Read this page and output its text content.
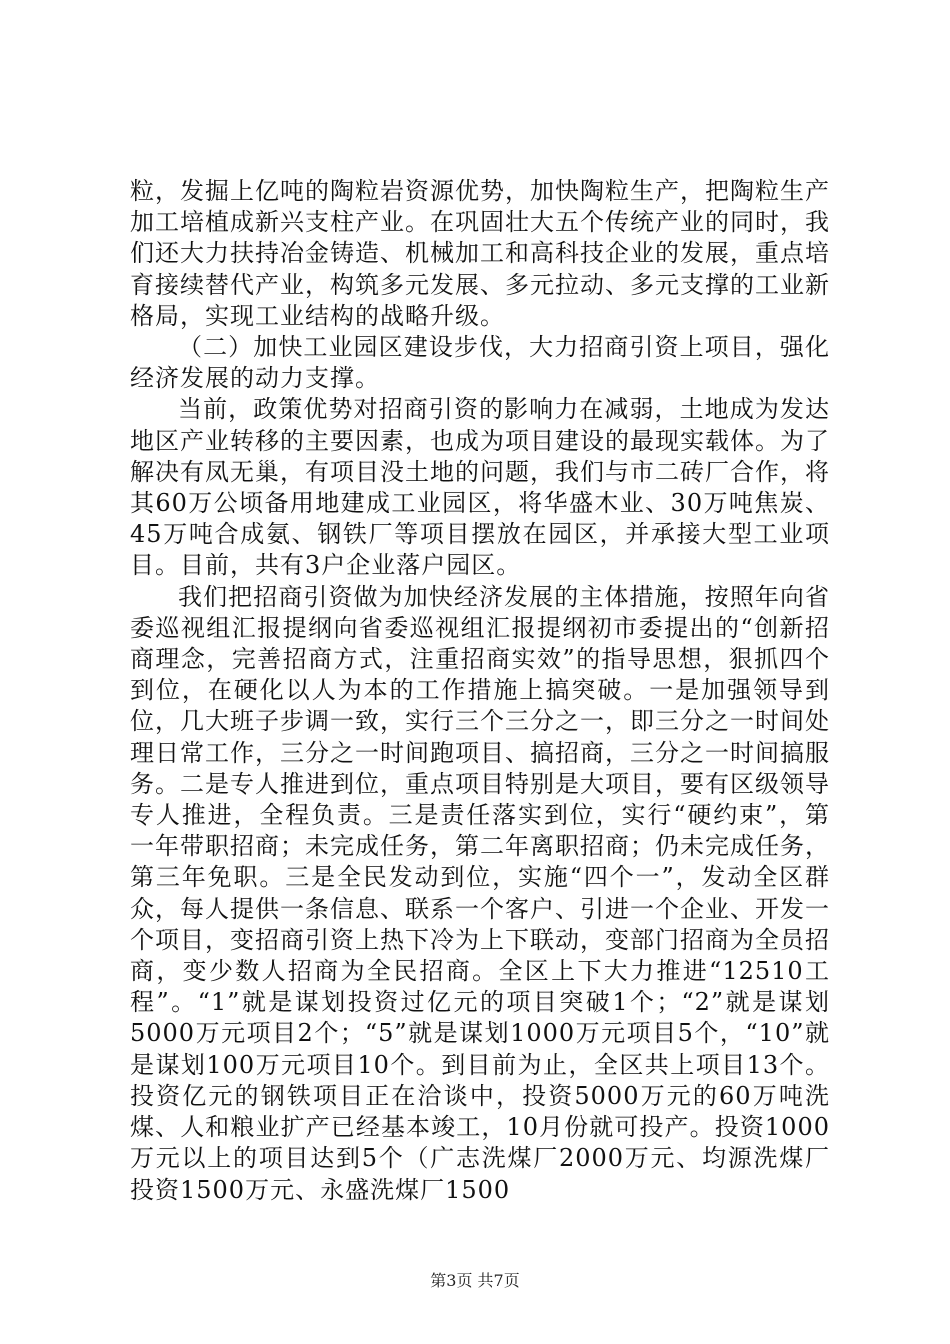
粒，发掘上亿吨的陶粒岩资源优势，加快陶粒生产，把陶粒生产加工培植成新兴支柱产业。在巩固壮大五个传统产业的同时，我们还大力扶持冶金铸造、机械加工和高科技企业的发展，重点培育接续替代产业，构筑多元发展、多元拉动、多元支撑的工业新格局，实现工业结构的战略升级。

（二）加快工业园区建设步伐，大力招商引资上项目，强化经济发展的动力支撑。

当前，政策优势对招商引资的影响力在减弱，土地成为发达地区产业转移的主要因素，也成为项目建设的最现实载体。为了解决有凤无巢，有项目没土地的问题，我们与市二砖厂合作，将其60万公顷备用地建成工业园区，将华盛木业、30万吨焦炭、45万吨合成氨、钢铁厂等项目摆放在园区，并承接大型工业项目。目前，共有3户企业落户园区。

我们把招商引资做为加快经济发展的主体措施，按照年向省委巡视组汇报提纲向省委巡视组汇报提纲初市委提出的“创新招商理念，完善招商方式，注重招商实效”的指导思想，狠抓四个到位，在硬化以人为本的工作措施上搞突破。一是加强领导到位，几大班子步调一致，实行三个三分之一，即三分之一时间处理日常工作，三分之一时间跑项目、搞招商，三分之一时间搞服务。二是专人推进到位，重点项目特别是大项目，要有区级领导专人推进，全程负责。三是责任落实到位，实行“硬约束”，第一年带职招商；未完成任务，第二年离职招商；仍未完成任务，第三年免职。三是全民发动到位，实施“四个一”，发动全区群众，每人提供一条信息、联系一个客户、引进一个企业、开发一个项目，变招商引资上热下冷为上下联动，变部门招商为全员招商，变少数人招商为全民招商。全区上下大力推进“12510工程”。“1”就是谋划投资过亿元的项目突破1个；“2”就是谋划5000万元项目2个；“5”就是谋划1000万元项目5个，“10”就是谋划100万元项目10个。到目前为止，全区共上项目13个。投资亿元的钢铁项目正在洽谈中，投资5000万元的60万吨洗煤、人和粮业扩产已经基本竣工，10月份就可投产。投资1000万元以上的项目达到5个（广志洗煤厂2000万元、均源洗煤厂投资1500万元、永盛洗煤厂1500

第3页 共7页
